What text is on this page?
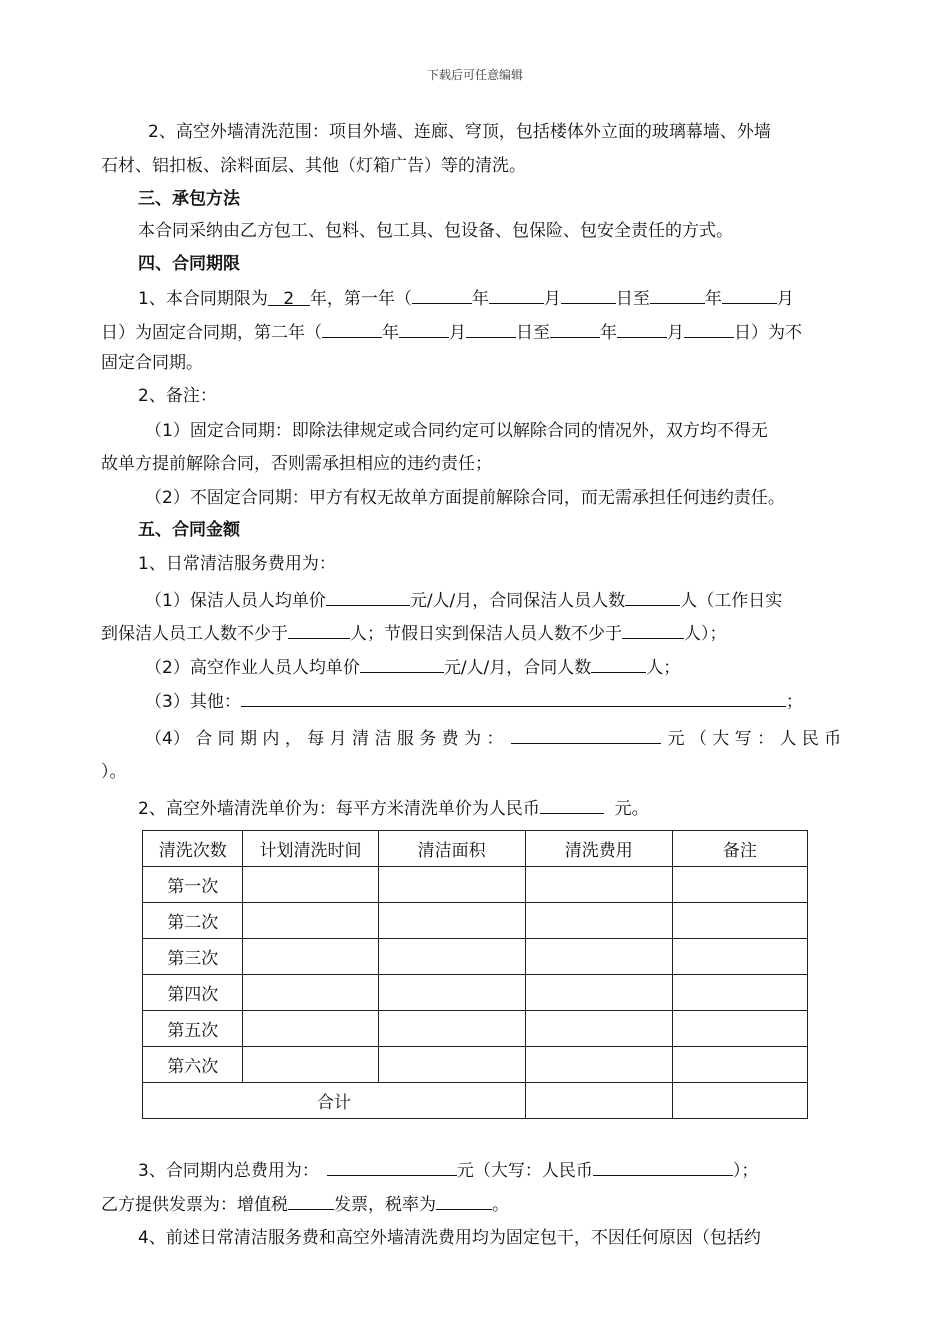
下载后可任意编辑
2、高空外墙清洗范围：项目外墙、连廊、穹顶，包括楼体外立面的玻璃幕墙、外墙
石材、铝扣板、涂料面层、其他（灯箱广告）等的清洗。
三、承包方法
本合同采纳由乙方包工、包料、包工具、包设备、包保险、包安全责任的方式。
四、合同期限
1、本合同期限为 2 年，第一年（	年	月	日至	年	月
日）为固定合同期，第二年（	年	月	日至	年	月	日）为不
固定合同期。
2、备注：
（1）固定合同期：即除法律规定或合同约定可以解除合同的情况外，双方均不得无
故单方提前解除合同，否则需承担相应的违约责任；
（2）不固定合同期：甲方有权无故单方面提前解除合同，而无需承担任何违约责任。
五、合同金额
1、日常清洁服务费用为：
（1）保洁人员人均单价	元/人/月，合同保洁人员人数	人（工作日实
到保洁人员工人数不少于	人；节假日实到保洁人员人数不少于	人）；
（2）高空作业人员人均单价	元/人/月，合同人数	人；
（3）其他：	；
（4） 合 同 期 内 ， 每 月 清 洁 服 务 费 为 ：	元 （ 大 写 ： 人 民 币
）。
2、高空外墙清洗单价为：每平方米清洗单价为人民币	元。
清洗次数	计划清洗时间	清洁面积	清洗费用	备注
第一次				
第二次				
第三次				
第四次				
第五次				
第六次				
合计				
3、合同期内总费用为：	元（大写：人民币	）；
乙方提供发票为：增值税	发票，税率为	。
4、前述日常清洁服务费和高空外墙清洗费用均为固定包干，不因任何原因（包括约
